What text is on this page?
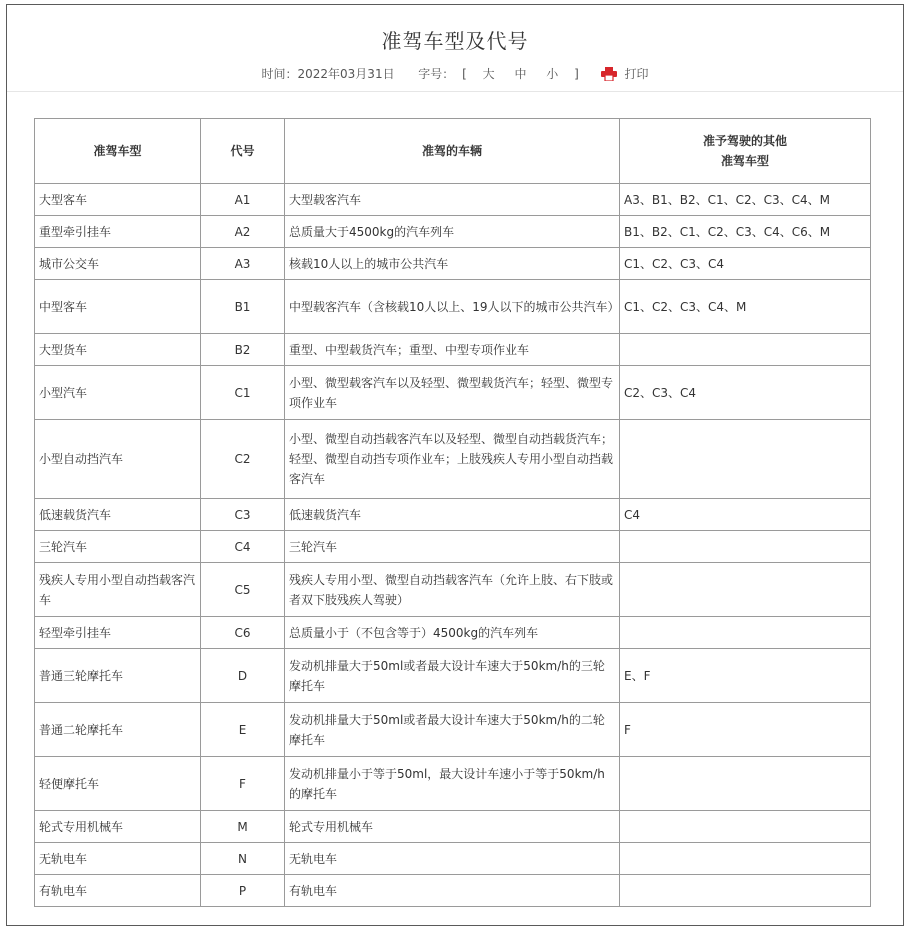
准驾车型及代号
时间：2022年03月31日 字号： [ 大 中 小 ]	打印
准驾车型	代号	准驾的车辆	准予驾驶的其他
准驾车型

大型客车	A1	大型载客汽车	A3、B1、B2、C1、C2、C3、C4、M
重型牵引挂车	A2	总质量大于4500kg的汽车列车	B1、B2、C1、C2、C3、C4、C6、M
城市公交车	A3	核载10人以上的城市公共汽车	C1、C2、C3、C4
中型客车	B1	中型载客汽车（含核载10人以上、19人以下的城市公共汽车）	C1、C2、C3、C4、M
大型货车	B2	重型、中型载货汽车；重型、中型专项作业车	
小型汽车	C1	小型、微型载客汽车以及轻型、微型载货汽车；轻型、微型专项作业车	C2、C3、C4
小型自动挡汽车	C2	小型、微型自动挡载客汽车以及轻型、微型自动挡载货汽车；轻型、微型自动挡专项作业车；上肢残疾人专用小型自动挡载客汽车	
低速载货汽车	C3	低速载货汽车	C4
三轮汽车	C4	三轮汽车	
残疾人专用小型自动挡载客汽车	C5	残疾人专用小型、微型自动挡载客汽车（允许上肢、右下肢或者双下肢残疾人驾驶）	
轻型牵引挂车	C6	总质量小于（不包含等于）4500kg的汽车列车	
普通三轮摩托车	D	发动机排量大于50ml或者最大设计车速大于50km/h的三轮摩托车	E、F
普通二轮摩托车	E	发动机排量大于50ml或者最大设计车速大于50km/h的二轮摩托车	F
轻便摩托车	F	发动机排量小于等于50ml，最大设计车速小于等于50km/h的摩托车	
轮式专用机械车	M	轮式专用机械车	
无轨电车	N	无轨电车	
有轨电车	P	有轨电车	
